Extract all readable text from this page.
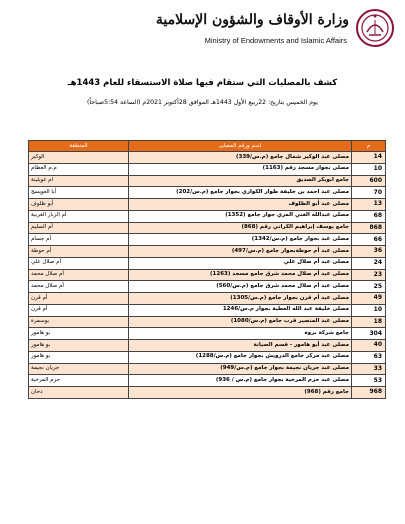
وزارة الأوقاف والشؤون الإسلامية
Ministry of Endowments and Islamic Affairs
كشف بالمصليات التي ستقام فيها صلاة الاستسقاء للعام 1443هـ
يوم الخميس بتاريخ: 22ربيع الأول 1443هـ الموافق 28أكتوبر 2021م (الساعة 5:54صباحاً)
م	اسم ورقم المصلى	المنطقة
14	مصلى عبد الوكير شمال جامع (م.س/339)	الوكير
10	مصلى بجوار مسجد رقم (1163)	م.م العظام
600	جامع ابوبكر الصديق	ام غويلينة
70	مصلى عبد احمد بن خليفة طوار الكواري بجوار جامع (م.س/202)	أبا العويسج
13	مصلى عبد أبو الظلوف	أبو ظلوف
68	مصلى عبدالله الغني المري جوار جامع (1352)	أم الزبار الغربية
868	جامع يوسف إبراهيم الكراني رقم (868)	أم السليم
66	مصلى عبد بجوار جامع (م.س/1342)	أم جسام
36	مصلى عبد أم حوطةبجوار جامع (م.س/497)	أم حوطة
24	مصلى عبد أم صلال علي	أم صلال علي
23	مصلى عبد أم صلال محمد شرق جامع مسجد (1263)	أم صلال محمد
25	مصلى عبد أم صلال محمد شرق جامع (م.س/560)	أم صلال محمد
49	مصلى عبد أم قرن بجوار جامع (م.س/1305)	أم قرن
10	مصلى خليفة عبد الله العطية بجوار م.س/1246	أم قرن
18	مصلى عبد المنصير قرب جامع (م.س/1080)	بوسمرة
304	جامع شركة بروة	بو هامور
40	مصلى عبد أبو هامور - قسم الصيانة	بو هامور
63	مصلى عبد مركز جامع الدرويش بجوار جامع (م.س/1288)	بو هامور
33	مصلى عبد جريان نجيمة بجوار جامع (م.س/949)	جريان نجيمة
53	مصلى عبد حزم المرخية بجوار جامع (م.س / 936)	حزم المرخية
968	جامع رقم (968)	دخان
